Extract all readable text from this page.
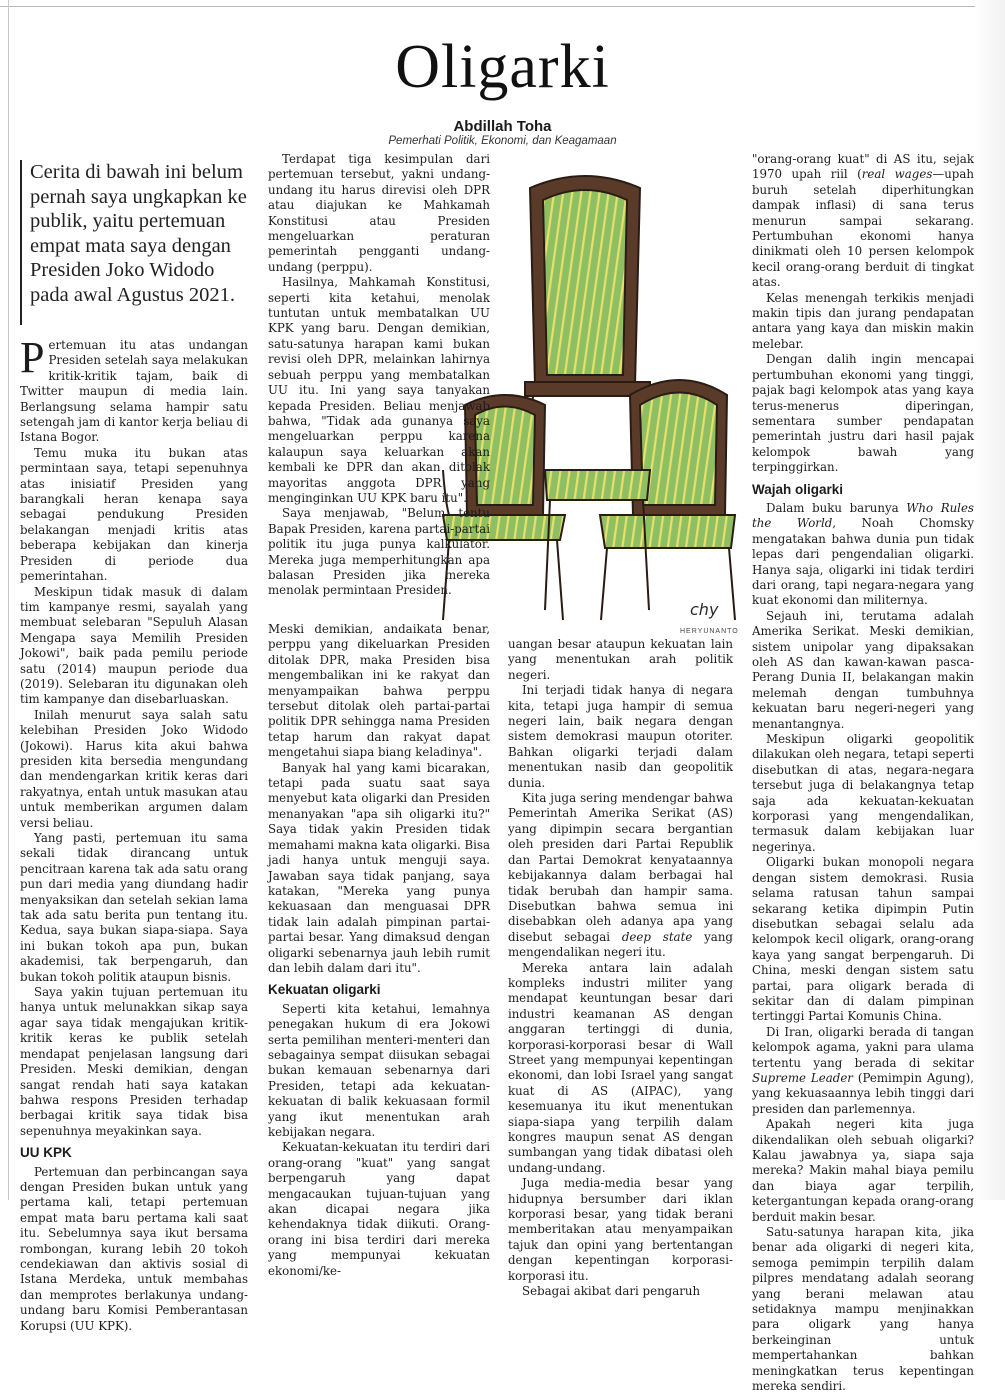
Oligarki
Abdillah Toha
Pemerhati Politik, Ekonomi, dan Keagamaan
Cerita di bawah ini belum pernah saya ungkapkan ke publik, yaitu pertemuan empat mata saya dengan Presiden Joko Widodo pada awal Agustus 2021.
chy
HERYUNANTO

Pertemuan itu atas undangan Presiden setelah saya melakukan kritik-kritik tajam, baik di Twitter maupun di media lain. Berlangsung selama hampir satu setengah jam di kantor kerja beliau di Istana Bogor.

Temu muka itu bukan atas permintaan saya, tetapi sepenuhnya atas inisiatif Presiden yang barangkali heran kenapa saya sebagai pendukung Presiden belakangan menjadi kritis atas beberapa kebijakan dan kinerja Presiden di periode dua pemerintahan.

Meskipun tidak masuk di dalam tim kampanye resmi, sayalah yang membuat selebaran "Sepuluh Alasan Mengapa saya Memilih Presiden Jokowi", baik pada pemilu periode satu (2014) maupun periode dua (2019). Selebaran itu digunakan oleh tim kampanye dan disebarluaskan.

Inilah menurut saya salah satu kelebihan Presiden Joko Widodo (Jokowi). Harus kita akui bahwa presiden kita bersedia mengundang dan mendengarkan kritik keras dari rakyatnya, entah untuk masukan atau untuk memberikan argumen dalam versi beliau.

Yang pasti, pertemuan itu sama sekali tidak dirancang untuk pencitraan karena tak ada satu orang pun dari media yang diundang hadir menyaksikan dan setelah sekian lama tak ada satu berita pun tentang itu. Kedua, saya bukan siapa-siapa. Saya ini bukan tokoh apa pun, bukan akademisi, tak berpengaruh, dan bukan tokoh politik ataupun bisnis.

Saya yakin tujuan pertemuan itu hanya untuk melunakkan sikap saya agar saya tidak mengajukan kritik-kritik keras ke publik setelah mendapat penjelasan langsung dari Presiden. Meski demikian, dengan sangat rendah hati saya katakan bahwa respons Presiden terhadap berbagai kritik saya tidak bisa sepenuhnya meyakinkan saya.

UU KPK

Pertemuan dan perbincangan saya dengan Presiden bukan untuk yang pertama kali, tetapi pertemuan empat mata baru pertama kali saat itu. Sebelumnya saya ikut bersama rombongan, kurang lebih 20 tokoh cendekiawan dan aktivis sosial di Istana Merdeka, untuk membahas dan memprotes berlakunya undang-undang baru Komisi Pemberantasan Korupsi (UU KPK).

Terdapat tiga kesimpulan dari pertemuan tersebut, yakni undang-undang itu harus direvisi oleh DPR atau diajukan ke Mahkamah Konstitusi atau Presiden mengeluarkan peraturan pemerintah pengganti undang-undang (perppu).

Hasilnya, Mahkamah Konstitusi, seperti kita ketahui, menolak tuntutan untuk membatalkan UU KPK yang baru. Dengan demikian, satu-satunya harapan kami bukan revisi oleh DPR, melainkan lahirnya sebuah perppu yang membatalkan UU itu. Ini yang saya tanyakan kepada Presiden. Beliau menjawab bahwa, "Tidak ada gunanya saya mengeluarkan perppu karena kalaupun saya keluarkan akan kembali ke DPR dan akan ditolak mayoritas anggota DPR yang menginginkan UU KPK baru itu".

Saya menjawab, "Belum tentu Bapak Presiden, karena partai-partai politik itu juga punya kalkulator. Mereka juga memperhitungkan apa balasan Presiden jika mereka menolak permintaan Presiden.

Meski demikian, andaikata benar, perppu yang dikeluarkan Presiden ditolak DPR, maka Presiden bisa mengembalikan ini ke rakyat dan menyampaikan bahwa perppu tersebut ditolak oleh partai-partai politik DPR sehingga nama Presiden tetap harum dan rakyat dapat mengetahui siapa biang keladinya".

Banyak hal yang kami bicarakan, tetapi pada suatu saat saya menyebut kata oligarki dan Presiden menanyakan "apa sih oligarki itu?" Saya tidak yakin Presiden tidak memahami makna kata oligarki. Bisa jadi hanya untuk menguji saya. Jawaban saya tidak panjang, saya katakan, "Mereka yang punya kekuasaan dan menguasai DPR tidak lain adalah pimpinan partai-partai besar. Yang dimaksud dengan oligarki sebenarnya jauh lebih rumit dan lebih dalam dari itu".

Kekuatan oligarki

Seperti kita ketahui, lemahnya penegakan hukum di era Jokowi serta pemilihan menteri-menteri dan sebagainya sempat diisukan sebagai bukan kemauan sebenarnya dari Presiden, tetapi ada kekuatan-kekuatan di balik kekuasaan formil yang ikut menentukan arah kebijakan negara.

Kekuatan-kekuatan itu terdiri dari orang-orang "kuat" yang sangat berpengaruh yang dapat mengacaukan tujuan-tujuan yang akan dicapai negara jika kehendaknya tidak diikuti. Orang-orang ini bisa terdiri dari mereka yang mempunyai kekuatan ekonomi/ke-

uangan besar ataupun kekuatan lain yang menentukan arah politik negeri.

Ini terjadi tidak hanya di negara kita, tetapi juga hampir di semua negeri lain, baik negara dengan sistem demokrasi maupun otoriter. Bahkan oligarki terjadi dalam menentukan nasib dan geopolitik dunia.

Kita juga sering mendengar bahwa Pemerintah Amerika Serikat (AS) yang dipimpin secara bergantian oleh presiden dari Partai Republik dan Partai Demokrat kenyataannya kebijakannya dalam berbagai hal tidak berubah dan hampir sama. Disebutkan bahwa semua ini disebabkan oleh adanya apa yang disebut sebagai deep state yang mengendalikan negeri itu.

Mereka antara lain adalah kompleks industri militer yang mendapat keuntungan besar dari industri keamanan AS dengan anggaran tertinggi di dunia, korporasi-korporasi besar di Wall Street yang mempunyai kepentingan ekonomi, dan lobi Israel yang sangat kuat di AS (AIPAC), yang kesemuanya itu ikut menentukan siapa-siapa yang terpilih dalam kongres maupun senat AS dengan sumbangan yang tidak dibatasi oleh undang-undang.

Juga media-media besar yang hidupnya bersumber dari iklan korporasi besar, yang tidak berani memberitakan atau menyampaikan tajuk dan opini yang bertentangan dengan kepentingan korporasi-korporasi itu.

Sebagai akibat dari pengaruh

"orang-orang kuat" di AS itu, sejak 1970 upah riil (real wages—upah buruh setelah diperhitungkan dampak inflasi) di sana terus menurun sampai sekarang. Pertumbuhan ekonomi hanya dinikmati oleh 10 persen kelompok kecil orang-orang berduit di tingkat atas.

Kelas menengah terkikis menjadi makin tipis dan jurang pendapatan antara yang kaya dan miskin makin melebar.

Dengan dalih ingin mencapai pertumbuhan ekonomi yang tinggi, pajak bagi kelompok atas yang kaya terus-menerus diperingan, sementara sumber pendapatan pemerintah justru dari hasil pajak kelompok bawah yang terpinggirkan.

Wajah oligarki

Dalam buku barunya Who Rules the World, Noah Chomsky mengatakan bahwa dunia pun tidak lepas dari pengendalian oligarki. Hanya saja, oligarki ini tidak terdiri dari orang, tapi negara-negara yang kuat ekonomi dan militernya.

Sejauh ini, terutama adalah Amerika Serikat. Meski demikian, sistem unipolar yang dipaksakan oleh AS dan kawan-kawan pasca-Perang Dunia II, belakangan makin melemah dengan tumbuhnya kekuatan baru negeri-negeri yang menantangnya.

Meskipun oligarki geopolitik dilakukan oleh negara, tetapi seperti disebutkan di atas, negara-negara tersebut juga di belakangnya tetap saja ada kekuatan-kekuatan korporasi yang mengendalikan, termasuk dalam kebijakan luar negerinya.

Oligarki bukan monopoli negara dengan sistem demokrasi. Rusia selama ratusan tahun sampai sekarang ketika dipimpin Putin disebutkan sebagai selalu ada kelompok kecil oligark, orang-orang kaya yang sangat berpengaruh. Di China, meski dengan sistem satu partai, para oligark berada di sekitar dan di dalam pimpinan tertinggi Partai Komunis China.

Di Iran, oligarki berada di tangan kelompok agama, yakni para ulama tertentu yang berada di sekitar Supreme Leader (Pemimpin Agung), yang kekuasaannya lebih tinggi dari presiden dan parlemennya.

Apakah negeri kita juga dikendalikan oleh sebuah oligarki? Kalau jawabnya ya, siapa saja mereka? Makin mahal biaya pemilu dan biaya agar terpilih, ketergantungan kepada orang-orang berduit makin besar.

Satu-satunya harapan kita, jika benar ada oligarki di negeri kita, semoga pemimpin terpilih dalam pilpres mendatang adalah seorang yang berani melawan atau setidaknya mampu menjinakkan para oligark yang hanya berkeinginan untuk mempertahankan bahkan meningkatkan terus kepentingan mereka sendiri.
